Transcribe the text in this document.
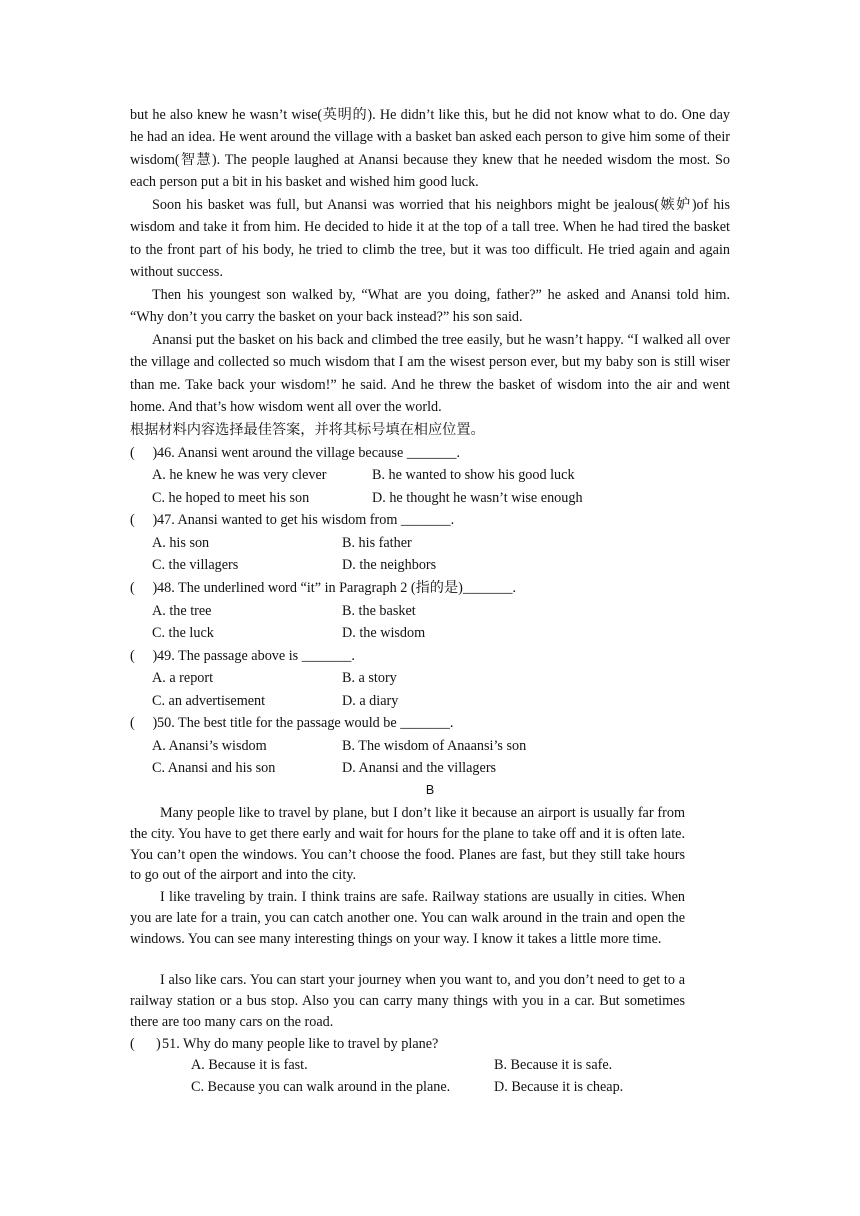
but he also knew he wasn’t wise(英明的). He didn’t like this, but he did not know what to do. One day he had an idea. He went around the village with a basket ban asked each person to give him some of their wisdom(智慧). The people laughed at Anansi because they knew that he needed wisdom the most. So each person put a bit in his basket and wished him good luck.

Soon his basket was full, but Anansi was worried that his neighbors might be jealous(嫉妒)of his wisdom and take it from him. He decided to hide it at the top of a tall tree. When he had tired the basket to the front part of his body, he tried to climb the tree, but it was too difficult. He tried again and again without success.

Then his youngest son walked by, “What are you doing, father?” he asked and Anansi told him. “Why don’t you carry the basket on your back instead?” his son said.

Anansi put the basket on his back and climbed the tree easily, but he wasn’t happy. “I walked all over the village and collected so much wisdom that I am the wisest person ever, but my baby son is still wiser than me. Take back your wisdom!” he said. And he threw the basket of wisdom into the air and went home. And that’s how wisdom went all over the world.

根据材料内容选择最佳答案，并将其标号填在相应位置。
( )46. Anansi went around the village because _______.
A. he knew he was very clever	B. he wanted to show his good luck
C. he hoped to meet his son	D. he thought he wasn’t wise enough
( )47. Anansi wanted to get his wisdom from _______.
A. his son	B. his father
C. the villagers	D. the neighbors
( )48. The underlined word “it” in Paragraph 2 (指的是)_______.
A. the tree	B. the basket
C. the luck	D. the wisdom
( )49. The passage above is _______.
A. a report	B. a story
C. an advertisement	D. a diary
( )50. The best title for the passage would be _______.
A. Anansi’s wisdom	B. The wisdom of Anaansi’s son
C. Anansi and his son	D. Anansi and the villagers
B

Many people like to travel by plane, but I don’t like it because an airport is usually far from the city. You have to get there early and wait for hours for the plane to take off and it is often late. You can’t open the windows. You can’t choose the food. Planes are fast, but they still take hours to go out of the airport and into the city.

I like traveling by train. I think trains are safe. Railway stations are usually in cities. When you are late for a train, you can catch another one. You can walk around in the train and open the windows. You can see many interesting things on your way. I know it takes a little more time.

I also like cars. You can start your journey when you want to, and you don’t need to get to a railway station or a bus stop. Also you can carry many things with you in a car. But sometimes there are too many cars on the road.

( )51. Why do many people like to travel by plane?
A. Because it is fast.	B. Because it is safe.
C. Because you can walk around in the plane.	D. Because it is cheap.
